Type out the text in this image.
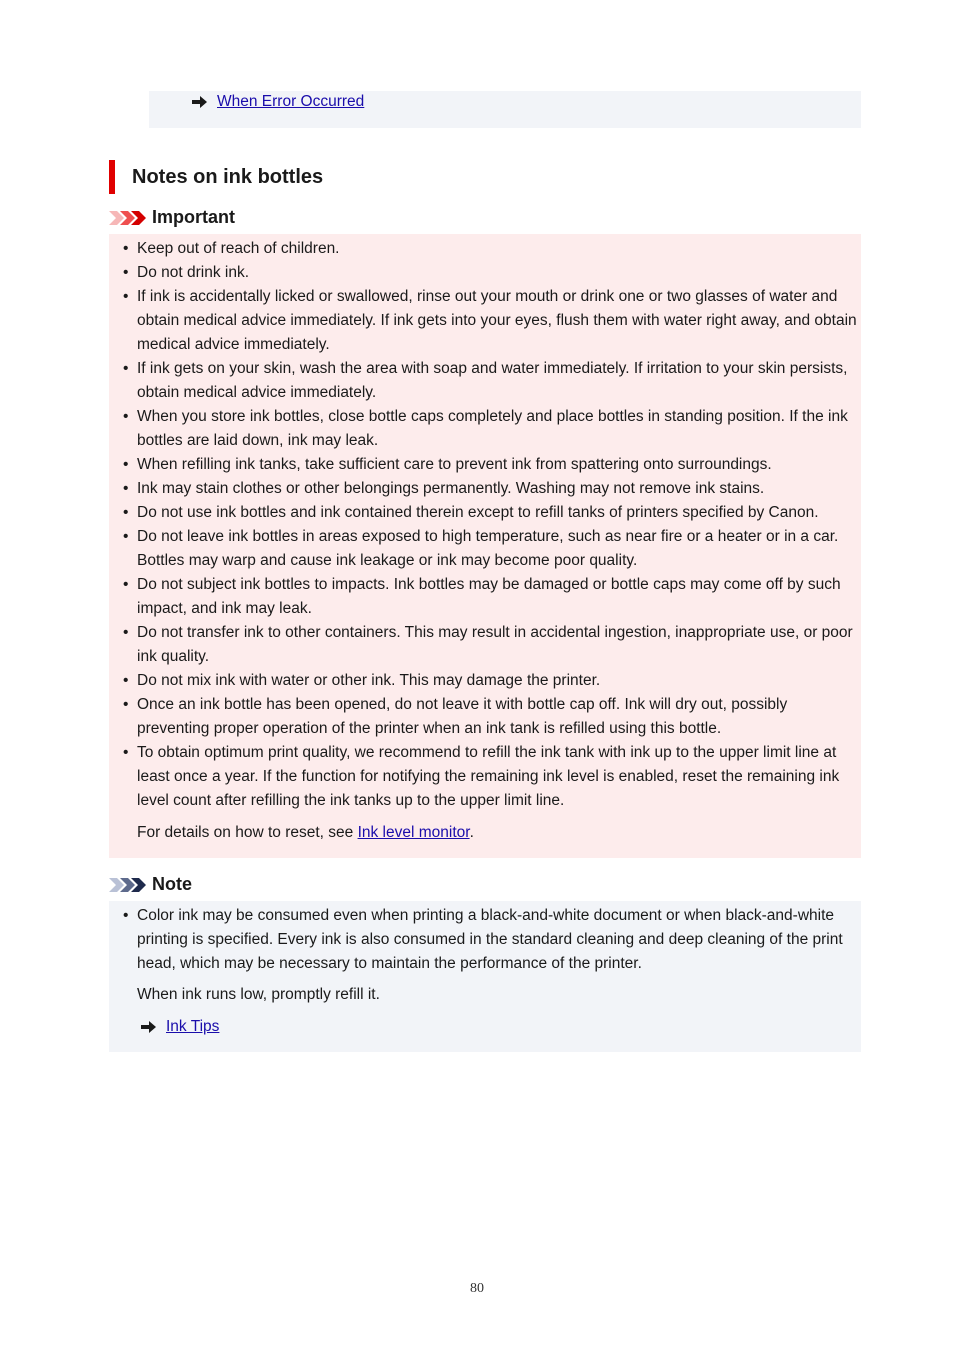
When Error Occurred
Notes on ink bottles
Important
• Keep out of reach of children.
• Do not drink ink.
• If ink is accidentally licked or swallowed, rinse out your mouth or drink one or two glasses of water and obtain medical advice immediately. If ink gets into your eyes, flush them with water right away, and obtain medical advice immediately.
• If ink gets on your skin, wash the area with soap and water immediately. If irritation to your skin persists, obtain medical advice immediately.
• When you store ink bottles, close bottle caps completely and place bottles in standing position. If the ink bottles are laid down, ink may leak.
• When refilling ink tanks, take sufficient care to prevent ink from spattering onto surroundings.
• Ink may stain clothes or other belongings permanently. Washing may not remove ink stains.
• Do not use ink bottles and ink contained therein except to refill tanks of printers specified by Canon.
• Do not leave ink bottles in areas exposed to high temperature, such as near fire or a heater or in a car. Bottles may warp and cause ink leakage or ink may become poor quality.
• Do not subject ink bottles to impacts. Ink bottles may be damaged or bottle caps may come off by such impact, and ink may leak.
• Do not transfer ink to other containers. This may result in accidental ingestion, inappropriate use, or poor ink quality.
• Do not mix ink with water or other ink. This may damage the printer.
• Once an ink bottle has been opened, do not leave it with bottle cap off. Ink will dry out, possibly preventing proper operation of the printer when an ink tank is refilled using this bottle.
• To obtain optimum print quality, we recommend to refill the ink tank with ink up to the upper limit line at least once a year. If the function for notifying the remaining ink level is enabled, reset the remaining ink level count after refilling the ink tanks up to the upper limit line.
For details on how to reset, see Ink level monitor.
Note
• Color ink may be consumed even when printing a black-and-white document or when black-and-white printing is specified. Every ink is also consumed in the standard cleaning and deep cleaning of the print head, which may be necessary to maintain the performance of the printer.
When ink runs low, promptly refill it.
Ink Tips
80
